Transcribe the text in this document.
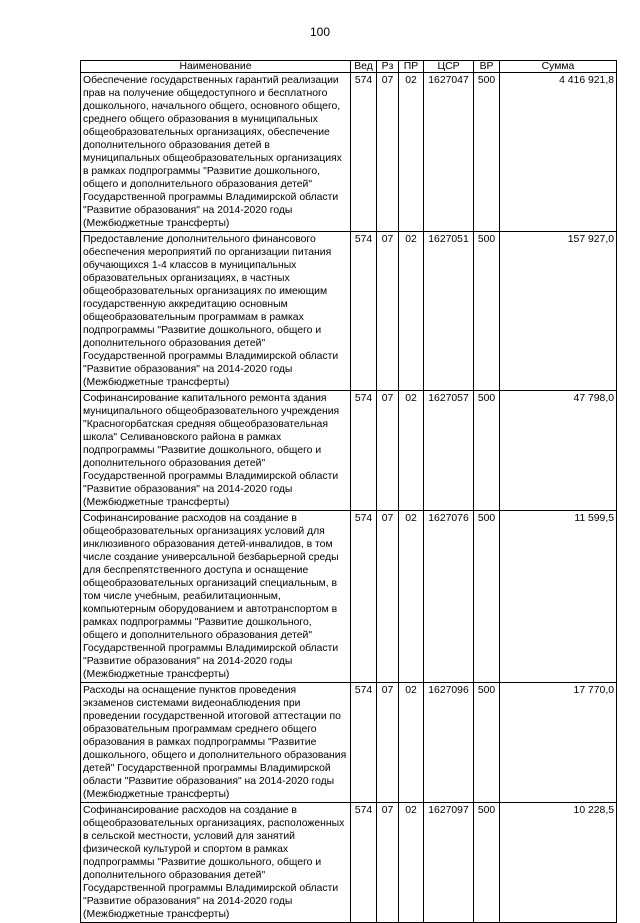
100
Наименование	Вед	Рз	ПР	ЦСР	ВР	Сумма
Обеспечение государственных гарантий реализации прав на получение общедоступного и бесплатного дошкольного, начального общего, основного общего, среднего общего образования в муниципальных общеобразовательных организациях, обеспечение дополнительного образования детей в муниципальных общеобразовательных организациях в рамках подпрограммы "Развитие дошкольного, общего и дополнительного образования детей" Государственной программы Владимирской области "Развитие образования" на 2014-2020 годы (Межбюджетные трансферты)	574	07	02	1627047	500	4 416 921,8
Предоставление дополнительного финансового обеспечения мероприятий по организации питания обучающихся 1-4 классов в муниципальных образовательных организациях, в частных общеобразовательных организациях по имеющим государственную аккредитацию основным общеобразовательным программам в рамках подпрограммы "Развитие дошкольного, общего и дополнительного образования детей" Государственной программы Владимирской области "Развитие образования" на 2014-2020 годы (Межбюджетные трансферты)	574	07	02	1627051	500	157 927,0
Софинансирование капитального ремонта здания муниципального общеобразовательного учреждения "Красногорбатская средняя общеобразовательная школа" Селивановского района в рамках подпрограммы "Развитие дошкольного, общего и дополнительного образования детей" Государственной программы Владимирской области "Развитие образования" на 2014-2020 годы (Межбюджетные трансферты)	574	07	02	1627057	500	47 798,0
Софинансирование расходов на создание в общеобразовательных организациях условий для инклюзивного образования детей-инвалидов, в том числе создание универсальной безбарьерной среды для беспрепятственного доступа и оснащение общеобразовательных организаций специальным, в том числе учебным, реабилитационным, компьютерным оборудованием и автотранспортом в рамках подпрограммы "Развитие дошкольного, общего и дополнительного образования детей" Государственной программы Владимирской области "Развитие образования" на 2014-2020 годы (Межбюджетные трансферты)	574	07	02	1627076	500	11 599,5
Расходы на оснащение пунктов проведения экзаменов системами видеонаблюдения при проведении государственной итоговой аттестации по образовательным программам среднего общего образования в рамках подпрограммы "Развитие дошкольного, общего и дополнительного образования детей" Государственной программы Владимирской области "Развитие образования" на 2014-2020 годы (Межбюджетные трансферты)	574	07	02	1627096	500	17 770,0
Софинансирование расходов на создание в общеобразовательных организациях, расположенных в сельской местности, условий для занятий физической культурой и спортом в рамках подпрограммы "Развитие дошкольного, общего и дополнительного образования детей" Государственной программы Владимирской области "Развитие образования" на 2014-2020 годы (Межбюджетные трансферты)	574	07	02	1627097	500	10 228,5
